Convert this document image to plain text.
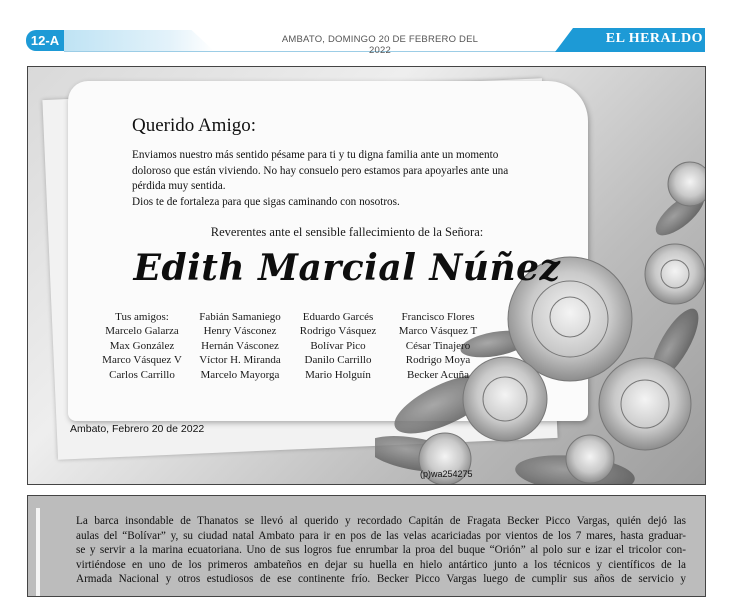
12-A	AMBATO, DOMINGO 20 DE FEBRERO DEL 2022
EL HERALDO
Querido Amigo:
Enviamos nuestro más sentido pésame para ti y tu digna familia ante un momento
doloroso que están viviendo. No hay consuelo pero estamos para apoyarles ante una
pérdida muy sentida.
Dios te de fortaleza para que sigas caminando con nosotros.
Reverentes ante el sensible fallecimiento de la Señora:
Edith Marcial Núñez
Tus amigos:
Marcelo Galarza
Max González
Marco Vásquez V
Carlos Carrillo
Fabián Samaniego
Henry Vásconez
Hernán Vásconez
Víctor H. Miranda
Marcelo Mayorga
Eduardo Garcés
Rodrigo Vásquez
Bolívar Pico
Danilo Carrillo
Mario Holguín
Francisco Flores
Marco Vásquez T
César Tinajero
Rodrigo Moya
Becker Acuña
Ambato, Febrero 20 de 2022
(p)wa254275
La barca insondable de Thanatos se llevó al querido y recordado Capitán de Fragata Becker Picco Vargas, quién dejó las
aulas del “Bolívar” y, su ciudad natal Ambato para ir en pos de las velas acariciadas por vientos de los 7 mares, hasta graduar-
se y servir a la marina ecuatoriana. Uno de sus logros fue enrumbar la proa del buque “Orión” al polo sur e izar el tricolor con-
virtiéndose en uno de los primeros ambateños en dejar su huella en hielo antártico junto a los técnicos y científicos de la
Armada Nacional y otros estudiosos de ese continente frío. Becker Picco Vargas luego de cumplir sus años de servicio y
